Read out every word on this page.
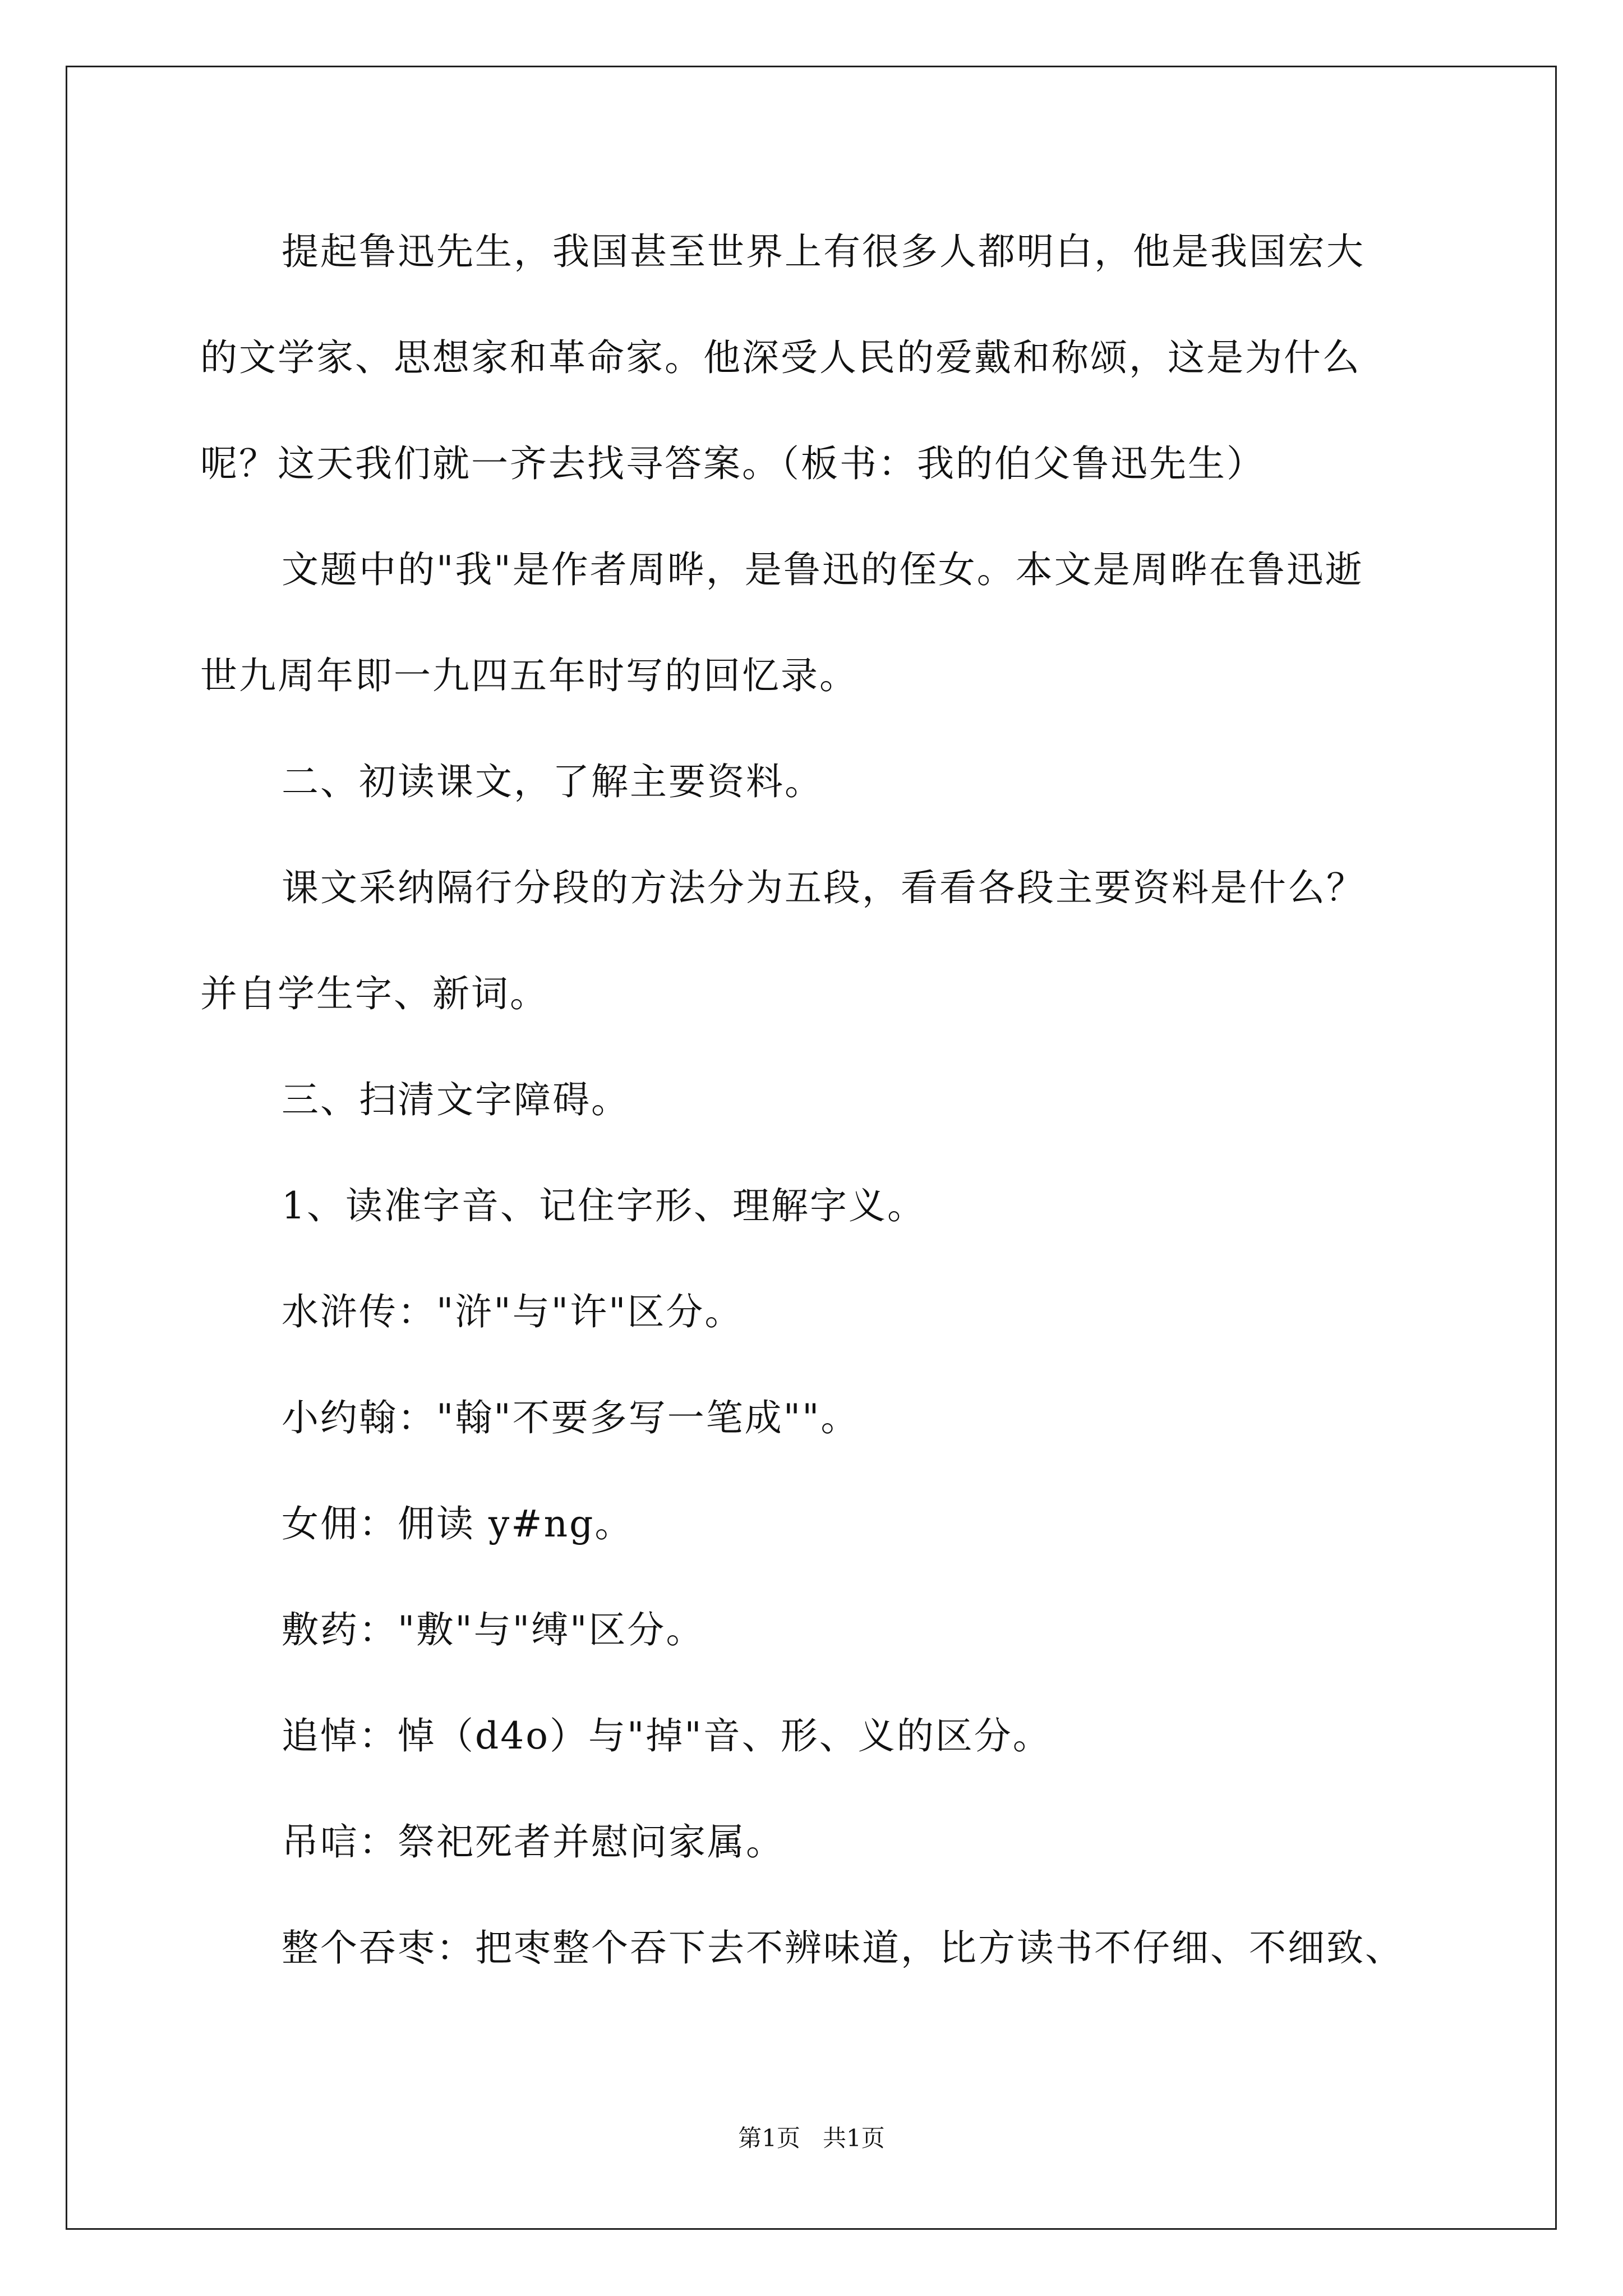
提起鲁迅先生，我国甚至世界上有很多人都明白，他是我国宏大
的文学家、思想家和革命家。他深受人民的爱戴和称颂，这是为什么
呢？这天我们就一齐去找寻答案。（板书：我的伯父鲁迅先生）
文题中的"我"是作者周晔，是鲁迅的侄女。本文是周晔在鲁迅逝
世九周年即一九四五年时写的回忆录。
二、初读课文，了解主要资料。
课文采纳隔行分段的方法分为五段，看看各段主要资料是什么？
并自学生字、新词。
三、扫清文字障碍。
1、读准字音、记住字形、理解字义。
水浒传："浒"与"许"区分。
小约翰："翰"不要多写一笔成""。
女佣：佣读 y#ng。
敷药："敷"与"缚"区分。
追悼：悼（d4o）与"掉"音、形、义的区分。
吊唁：祭祀死者并慰问家属。
整个吞枣：把枣整个吞下去不辨味道，比方读书不仔细、不细致、
第1页   共1页
